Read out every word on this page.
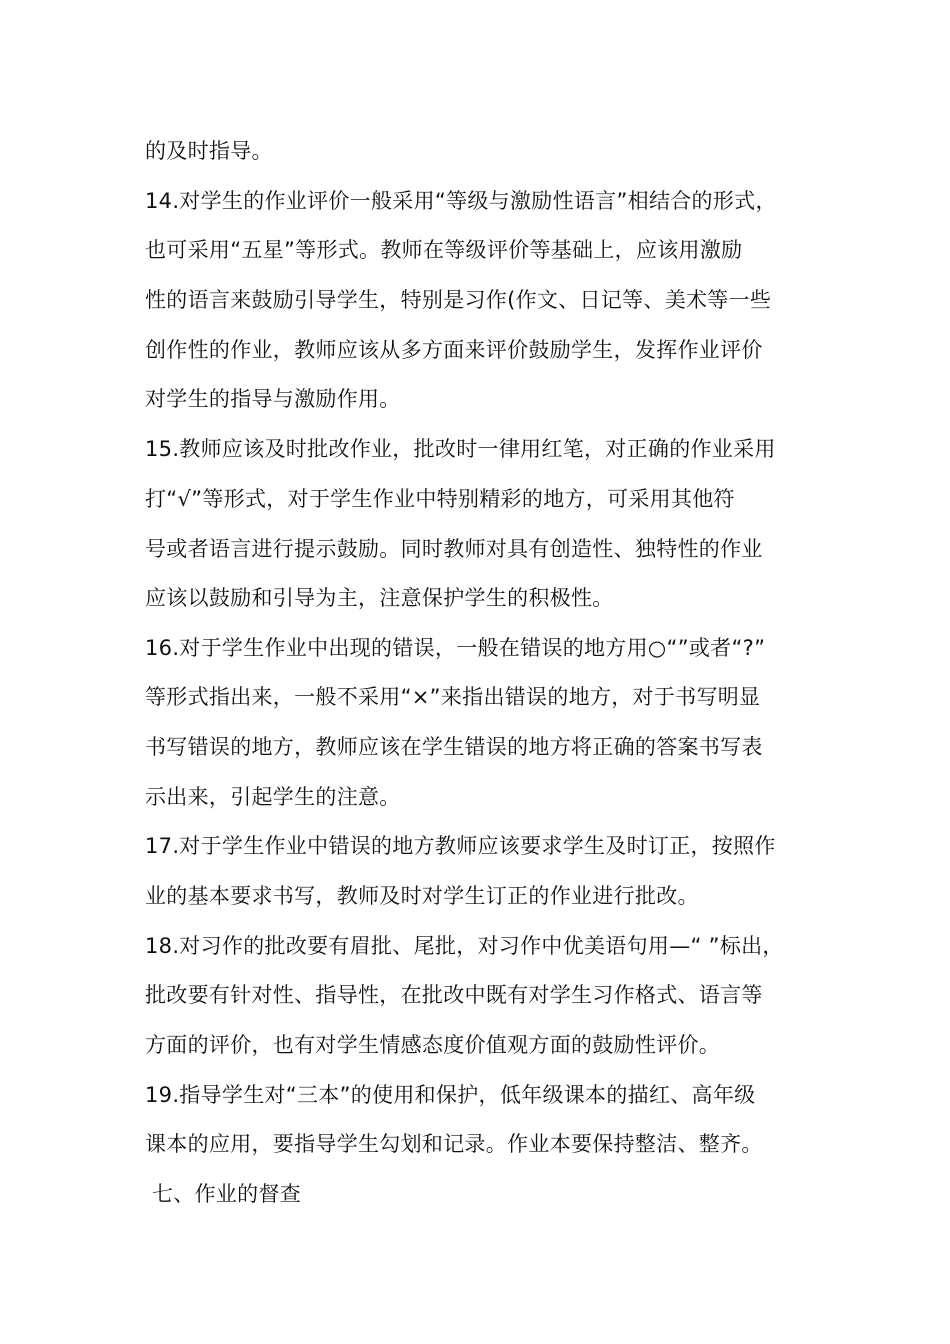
的及时指导。
14.对学生的作业评价一般采用“等级与激励性语言”相结合的形式，
也可采用“五星”等形式。教师在等级评价等基础上，应该用激励
性的语言来鼓励引导学生，特别是习作(作文、日记等、美术等一些
创作性的作业，教师应该从多方面来评价鼓励学生，发挥作业评价
对学生的指导与激励作用。
15.教师应该及时批改作业，批改时一律用红笔，对正确的作业采用
打“√”等形式，对于学生作业中特别精彩的地方，可采用其他符
号或者语言进行提示鼓励。同时教师对具有创造性、独特性的作业
应该以鼓励和引导为主，注意保护学生的积极性。
16.对于学生作业中出现的错误，一般在错误的地方用○“”或者“?”
等形式指出来，一般不采用“×”来指出错误的地方，对于书写明显
书写错误的地方，教师应该在学生错误的地方将正确的答案书写表
示出来，引起学生的注意。
17.对于学生作业中错误的地方教师应该要求学生及时订正，按照作
业的基本要求书写，教师及时对学生订正的作业进行批改。
18.对习作的批改要有眉批、尾批，对习作中优美语句用—“ ”标出，
批改要有针对性、指导性，在批改中既有对学生习作格式、语言等
方面的评价，也有对学生情感态度价值观方面的鼓励性评价。
19.指导学生对“三本”的使用和保护，低年级课本的描红、高年级
课本的应用，要指导学生勾划和记录。作业本要保持整洁、整齐。
七、作业的督查
